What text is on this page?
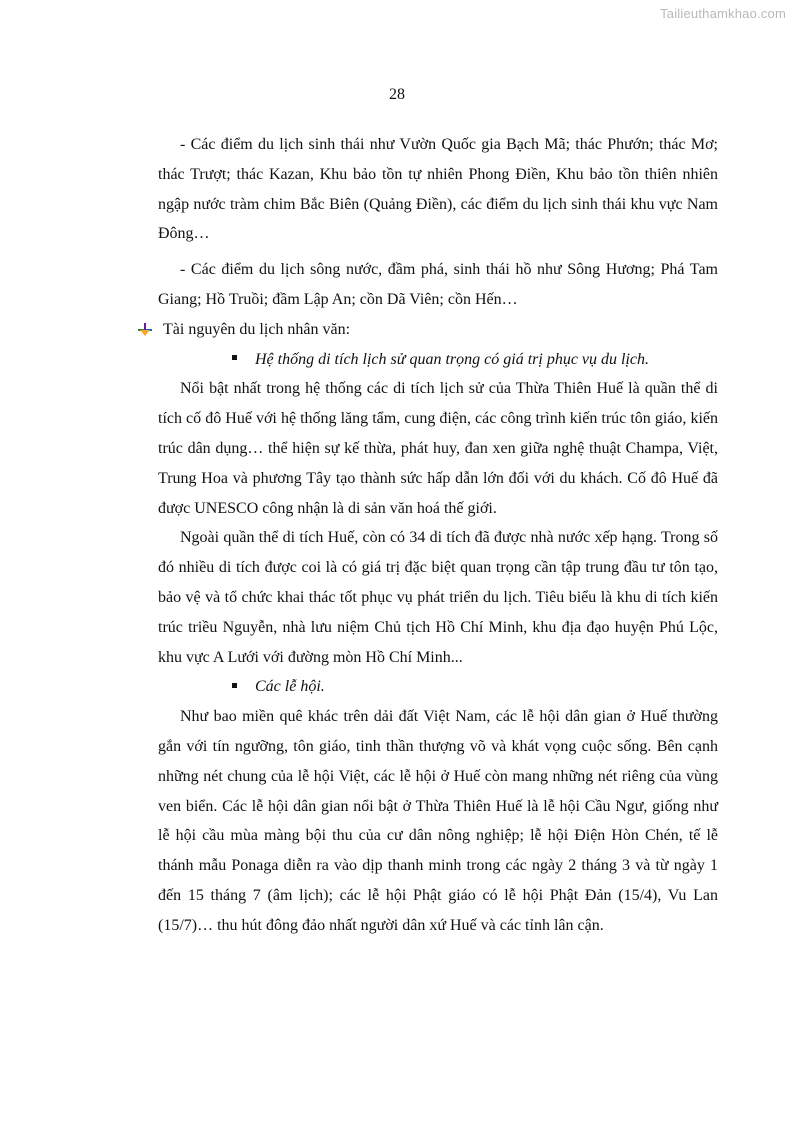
Tailieuthamkhao.com
28

- Các điểm du lịch sinh thái như Vườn Quốc gia Bạch Mã; thác Phướn; thác Mơ; thác Trượt; thác Kazan, Khu bảo tồn tự nhiên Phong Điền, Khu bảo tồn thiên nhiên ngập nước tràm chim Bắc Biên (Quảng Điền), các điểm du lịch sinh thái khu vực Nam Đông…

- Các điểm du lịch sông nước, đầm phá, sinh thái hồ như Sông Hương; Phá Tam Giang; Hồ Truồi; đầm Lập An; cồn Dã Viên; cồn Hến…

Tài nguyên du lịch nhân văn:
Hệ thống di tích lịch sử quan trọng có giá trị phục vụ du lịch.

Nổi bật nhất trong hệ thống các di tích lịch sử của Thừa Thiên Huế là quần thể di tích cố đô Huế với hệ thống lăng tẩm, cung điện, các công trình kiến trúc tôn giáo, kiến trúc dân dụng… thể hiện sự kế thừa, phát huy, đan xen giữa nghệ thuật Champa, Việt, Trung Hoa và phương Tây tạo thành sức hấp dẫn lớn đối với du khách. Cố đô Huế đã được UNESCO công nhận là di sản văn hoá thế giới.

Ngoài quần thể di tích Huế, còn có 34 di tích đã được nhà nước xếp hạng. Trong số đó nhiều di tích được coi là có giá trị đặc biệt quan trọng cần tập trung đầu tư tôn tạo, bảo vệ và tổ chức khai thác tốt phục vụ phát triển du lịch. Tiêu biểu là khu di tích kiến trúc triều Nguyễn, nhà lưu niệm Chủ tịch Hồ Chí Minh, khu địa đạo huyện Phú Lộc, khu vực A Lưới với đường mòn Hồ Chí Minh...

Các lễ hội.

Như bao miền quê khác trên dải đất Việt Nam, các lễ hội dân gian ở Huế thường gắn với tín ngưỡng, tôn giáo, tinh thần thượng võ và khát vọng cuộc sống. Bên cạnh những nét chung của lễ hội Việt, các lễ hội ở Huế còn mang những nét riêng của vùng ven biển. Các lễ hội dân gian nổi bật ở Thừa Thiên Huế là lễ hội Cầu Ngư, giống như lễ hội cầu mùa màng bội thu của cư dân nông nghiệp; lễ hội Điện Hòn Chén, tế lễ thánh mẫu Ponaga diễn ra vào dịp thanh minh trong các ngày 2 tháng 3 và từ ngày 1 đến 15 tháng 7 (âm lịch); các lễ hội Phật giáo có lễ hội Phật Đản (15/4), Vu Lan (15/7)… thu hút đông đảo nhất người dân xứ Huế và các tỉnh lân cận.
